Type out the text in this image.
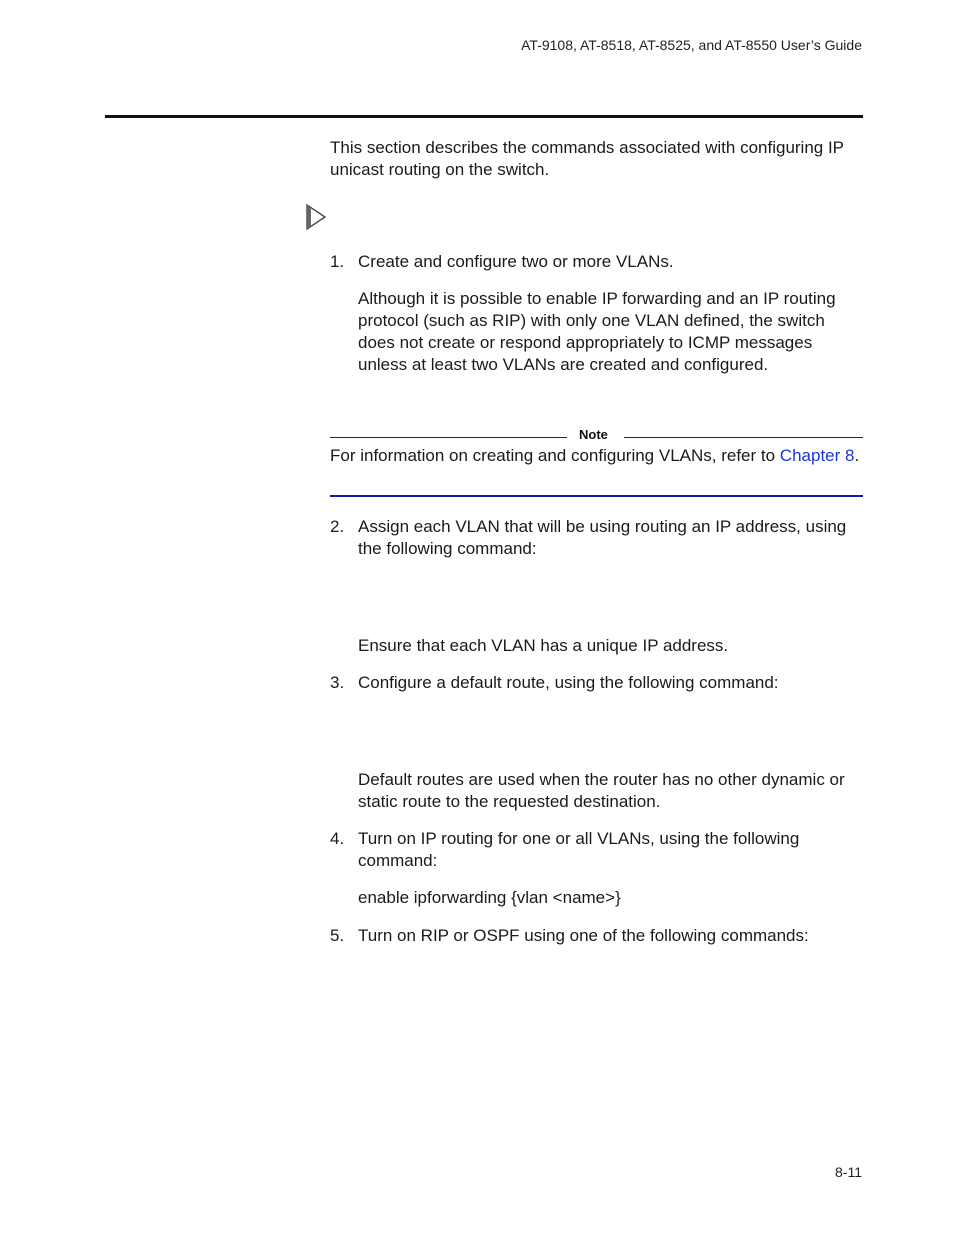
AT-9108, AT-8518, AT-8525, and AT-8550 User’s Guide
This section describes the commands associated with configuring IP unicast routing on the switch.
1. Create and configure two or more VLANs.
Although it is possible to enable IP forwarding and an IP routing protocol (such as RIP) with only one VLAN defined, the switch does not create or respond appropriately to ICMP messages unless at least two VLANs are created and configured.
Note
For information on creating and configuring VLANs, refer to Chapter 8.
2. Assign each VLAN that will be using routing an IP address, using the following command:
Ensure that each VLAN has a unique IP address.
3. Configure a default route, using the following command:
Default routes are used when the router has no other dynamic or static route to the requested destination.
4. Turn on IP routing for one or all VLANs, using the following command:
enable ipforwarding {vlan <name>}
5. Turn on RIP or OSPF using one of the following commands:
8-11
